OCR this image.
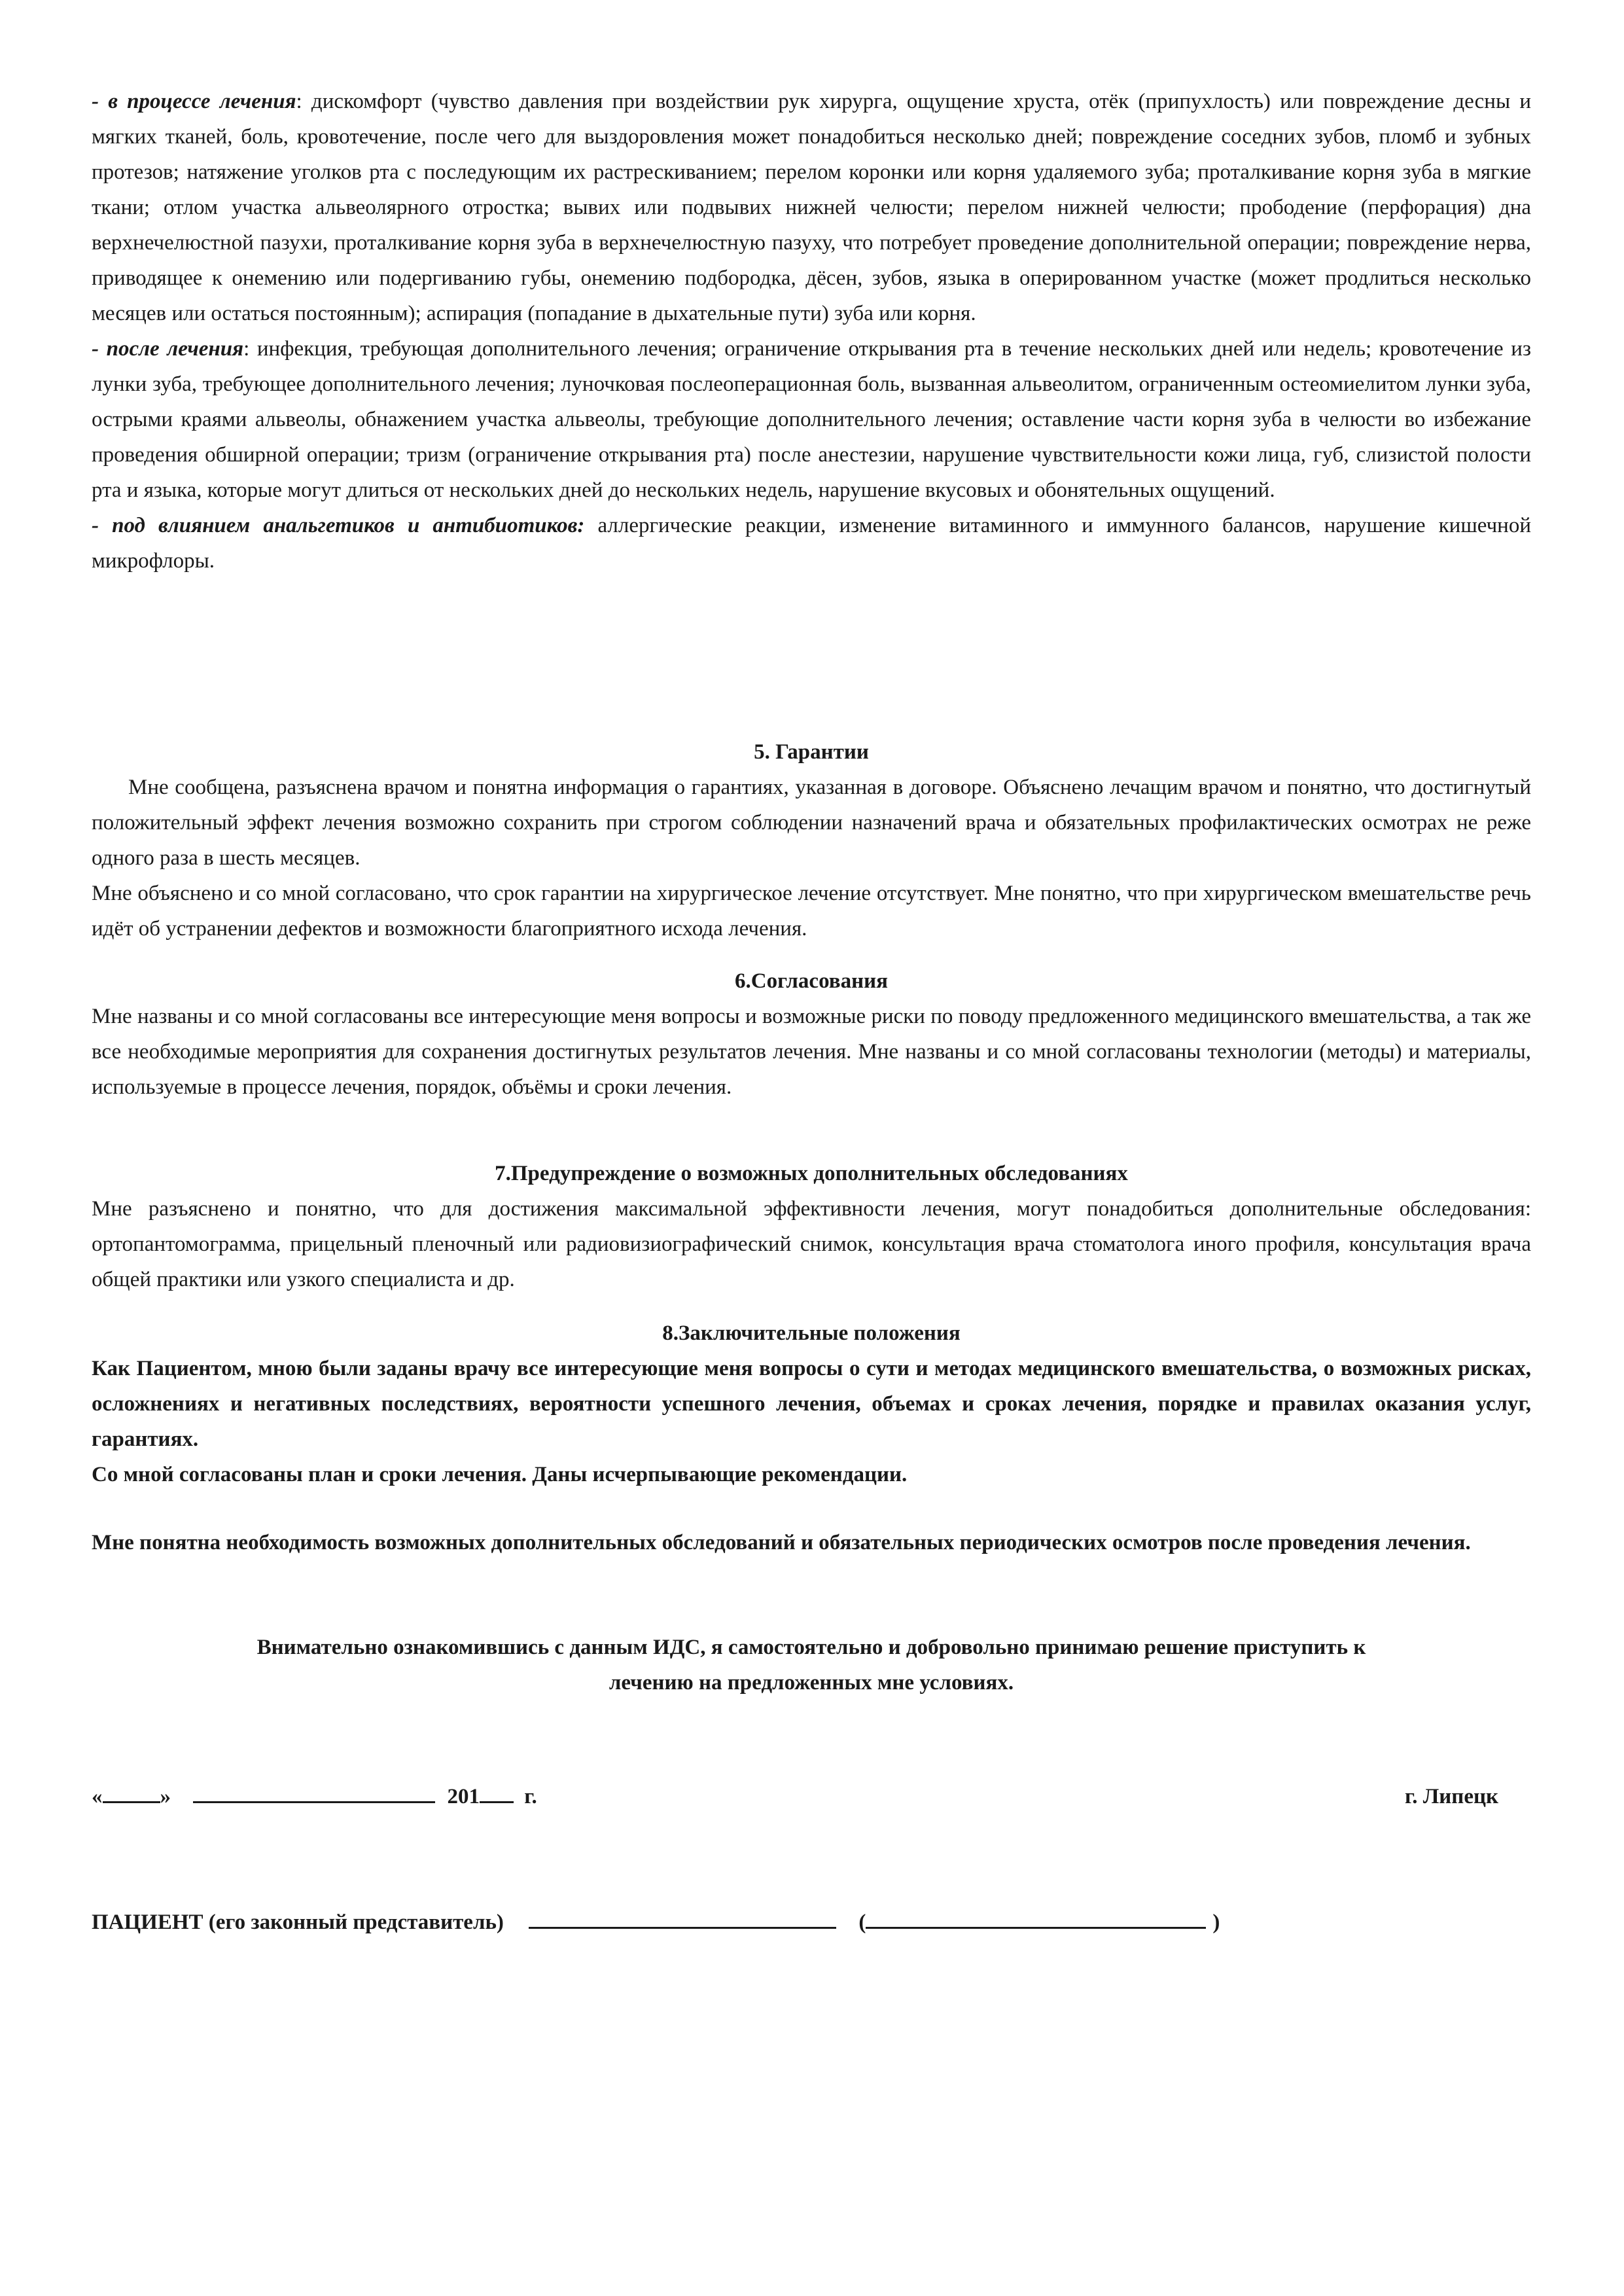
- в процессе лечения: дискомфорт (чувство давления при воздействии рук хирурга, ощущение хруста, отёк (припухлость) или повреждение десны и мягких тканей, боль, кровотечение, после чего для выздоровления может понадобиться несколько дней; повреждение соседних зубов, пломб и зубных протезов; натяжение уголков рта с последующим их растрескиванием; перелом коронки или корня удаляемого зуба; проталкивание корня зуба в мягкие ткани; отлом участка альвеолярного отростка; вывих или подвывих нижней челюсти; перелом нижней челюсти; прободение (перфорация) дна верхнечелюстной пазухи, проталкивание корня зуба в верхнечелюстную пазуху, что потребует проведение дополнительной операции; повреждение нерва, приводящее к онемению или подергиванию губы, онемению подбородка, дёсен, зубов, языка в оперированном участке (может продлиться несколько месяцев или остаться постоянным); аспирация (попадание в дыхательные пути) зуба или корня.

- после лечения: инфекция, требующая дополнительного лечения; ограничение открывания рта в течение нескольких дней или недель; кровотечение из лунки зуба, требующее дополнительного лечения; луночковая послеоперационная боль, вызванная альвеолитом, ограниченным остеомиелитом лунки зуба, острыми краями альвеолы, обнажением участка альвеолы, требующие дополнительного лечения; оставление части корня зуба в челюсти во избежание проведения обширной операции; тризм (ограничение открывания рта) после анестезии, нарушение чувствительности кожи лица, губ, слизистой полости рта и языка, которые могут длиться от нескольких дней до нескольких недель, нарушение вкусовых и обонятельных ощущений.

- под влиянием анальгетиков и антибиотиков: аллергические реакции, изменение витаминного и иммунного балансов, нарушение кишечной микрофлоры.

5. Гарантии

Мне сообщена, разъяснена врачом и понятна информация о гарантиях, указанная в договоре. Объяснено лечащим врачом и понятно, что достигнутый положительный эффект лечения возможно сохранить при строгом соблюдении назначений врача и обязательных профилактических осмотрах не реже одного раза в шесть месяцев.

Мне объяснено и со мной согласовано, что срок гарантии на хирургическое лечение отсутствует. Мне понятно, что при хирургическом вмешательстве речь идёт об устранении дефектов и возможности благоприятного исхода лечения.

6.Согласования

Мне названы и со мной согласованы все интересующие меня вопросы и возможные риски по поводу предложенного медицинского вмешательства, а так же все необходимые мероприятия для сохранения достигнутых результатов лечения. Мне названы и со мной согласованы технологии (методы) и материалы, используемые в процессе лечения, порядок, объёмы и сроки лечения.

7.Предупреждение о возможных дополнительных обследованиях

Мне разъяснено и понятно, что для достижения максимальной эффективности лечения, могут понадобиться дополнительные обследования: ортопантомограмма, прицельный пленочный или радиовизиографический снимок, консультация врача стоматолога иного профиля, консультация врача общей практики или узкого специалиста и др.

8.Заключительные положения

Как Пациентом, мною были заданы врачу все интересующие меня вопросы о сути и методах медицинского вмешательства, о возможных рисках, осложнениях и негативных последствиях, вероятности успешного лечения, объемах и сроках лечения, порядке и правилах оказания услуг, гарантиях.

Со мной согласованы план и сроки лечения. Даны исчерпывающие рекомендации.

Мне понятна необходимость возможных дополнительных обследований и обязательных периодических осмотров после проведения лечения.

Внимательно ознакомившись с данным ИДС, я самостоятельно и добровольно принимаю решение приступить к

лечению на предложенных мне условиях.

«	»	201 г.	г. Липецк
ПАЦИЕНТ (его законный представитель)	(	)
